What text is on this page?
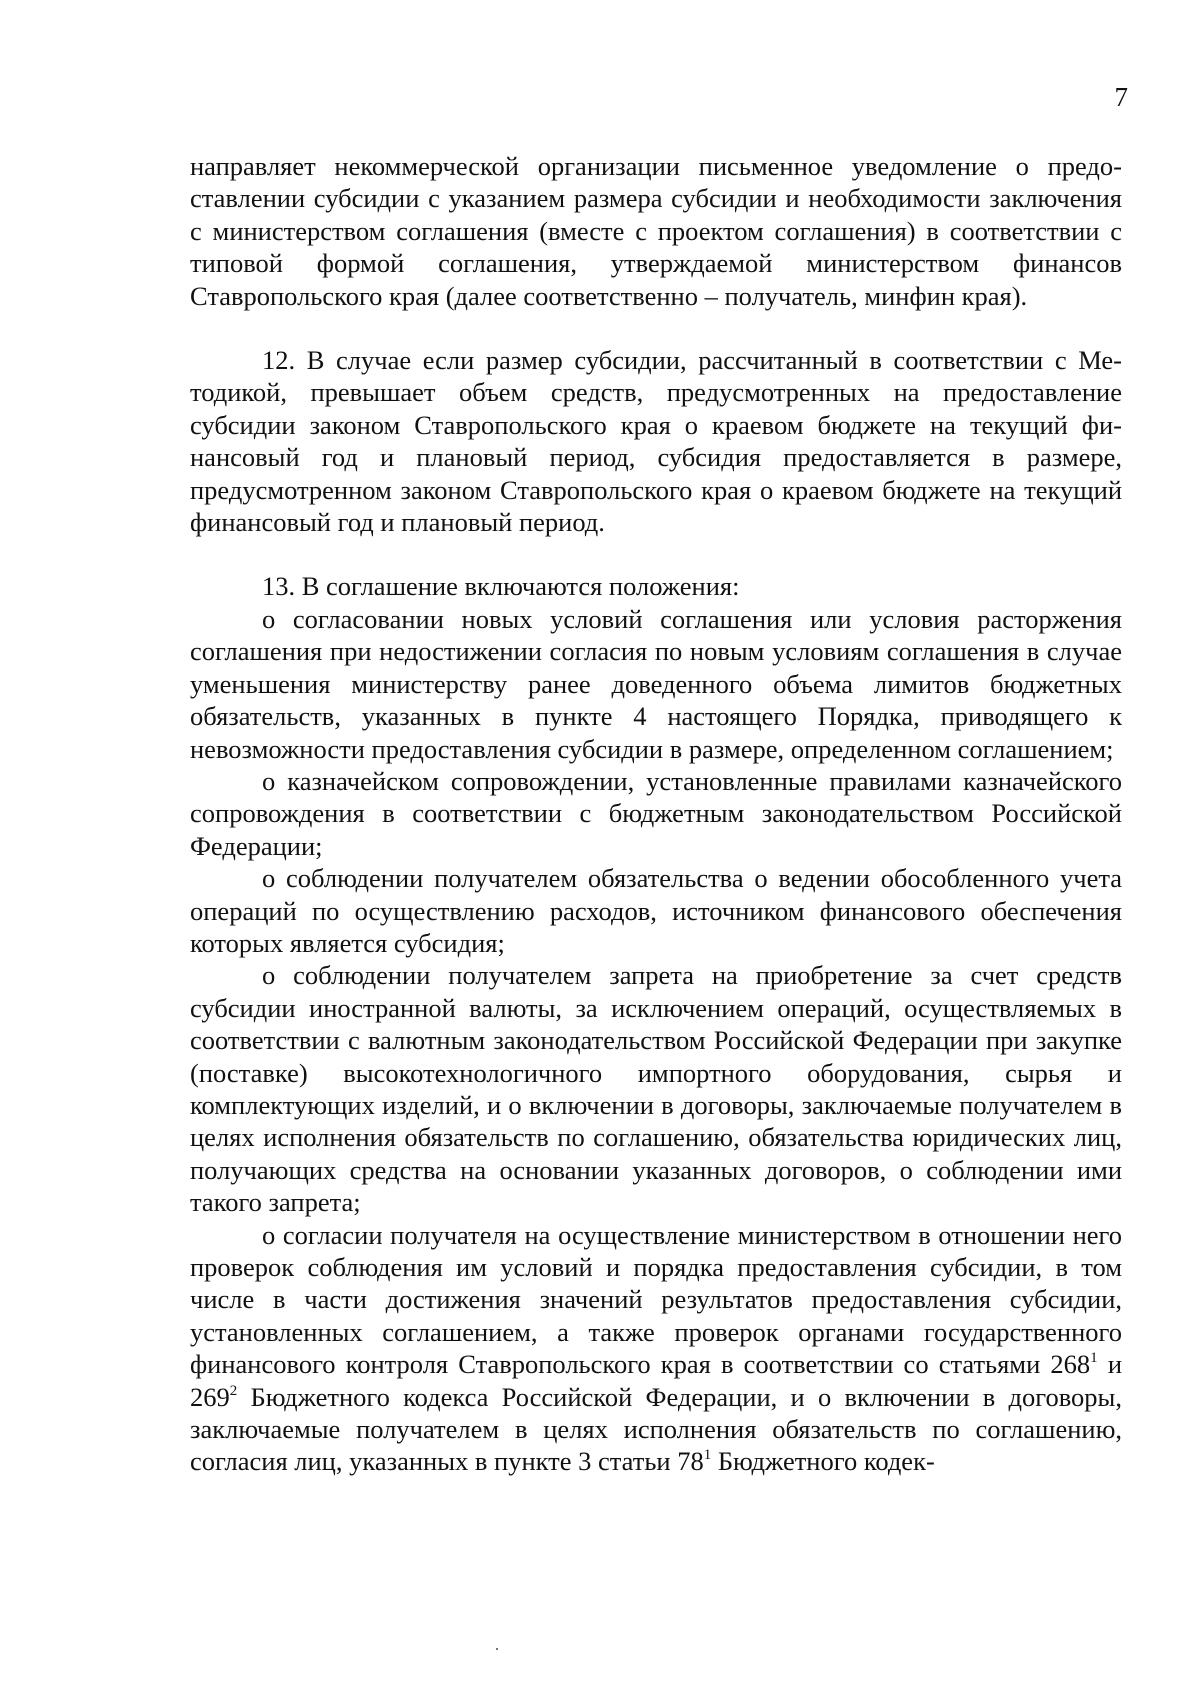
7

направляет некоммерческой организации письменное уведомление о предоставлении субсидии с указанием размера субсидии и необходимости заключения с министерством соглашения (вместе с проектом соглашения) в соответствии с типовой формой соглашения, утверждаемой министерством финансов Ставропольского края (далее соответственно – получатель, минфин края).

12. В случае если размер субсидии, рассчитанный в соответствии с Методикой, превышает объем средств, предусмотренных на предоставление субсидии законом Ставропольского края о краевом бюджете на текущий финансовый год и плановый период, субсидия предоставляется в размере, предусмотренном законом Ставропольского края о краевом бюджете на текущий финансовый год и плановый период.

13. В соглашение включаются положения:

о согласовании новых условий соглашения или условия расторжения соглашения при недостижении согласия по новым условиям соглашения в случае уменьшения министерству ранее доведенного объема лимитов бюджетных обязательств, указанных в пункте 4 настоящего Порядка, приводящего к невозможности предоставления субсидии в размере, определенном соглашением;

о казначейском сопровождении, установленные правилами казначейского сопровождения в соответствии с бюджетным законодательством Российской Федерации;

о соблюдении получателем обязательства о ведении обособленного учета операций по осуществлению расходов, источником финансового обеспечения которых является субсидия;

о соблюдении получателем запрета на приобретение за счет средств субсидии иностранной валюты, за исключением операций, осуществляемых в соответствии с валютным законодательством Российской Федерации при закупке (поставке) высокотехнологичного импортного оборудования, сырья и комплектующих изделий, и о включении в договоры, заключаемые получателем в целях исполнения обязательств по соглашению, обязательства юридических лиц, получающих средства на основании указанных договоров, о соблюдении ими такого запрета;

о согласии получателя на осуществление министерством в отношении него проверок соблюдения им условий и порядка предоставления субсидии, в том числе в части достижения значений результатов предоставления субсидии, установленных соглашением, а также проверок органами государственного финансового контроля Ставропольского края в соответствии со статьями $268^1$ и $269^2$ Бюджетного кодекса Российской Федерации, и о включении в договоры, заключаемые получателем в целях исполнения обязательств по соглашению, согласия лиц, указанных в пункте 3 статьи $78^1$ Бюджетного кодек-
